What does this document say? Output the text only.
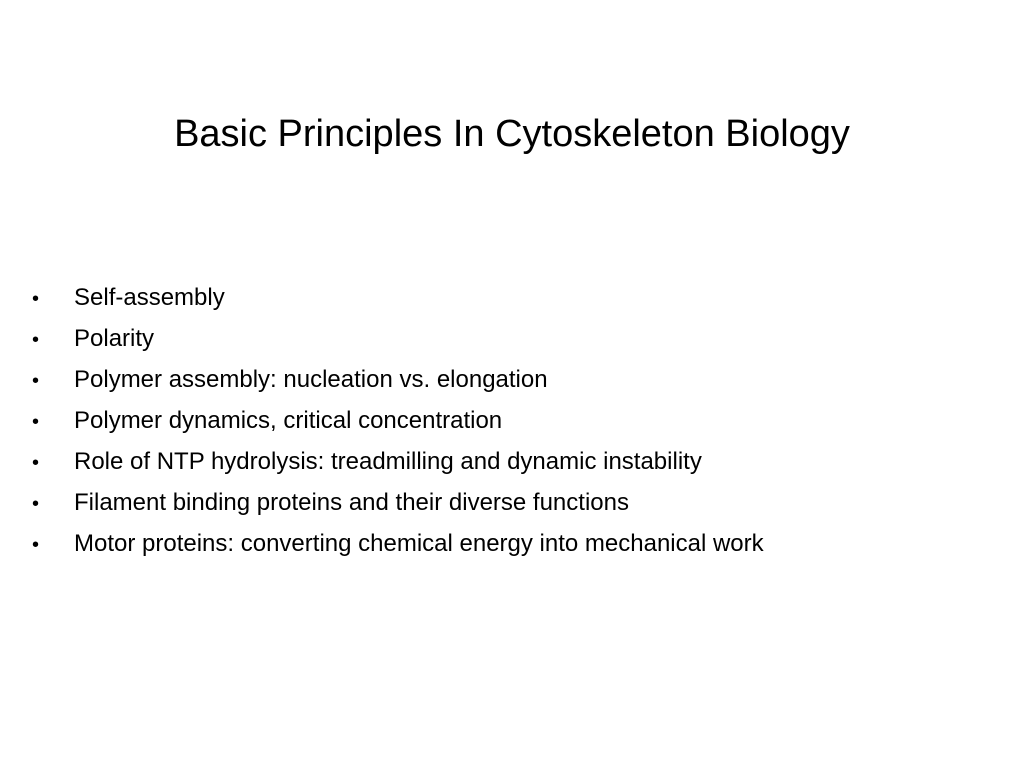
Basic Principles In Cytoskeleton Biology
•	Self-assembly
•	Polarity
•	Polymer assembly: nucleation vs. elongation
•	Polymer dynamics, critical concentration
•	Role of NTP hydrolysis: treadmilling and dynamic instability
•	Filament binding proteins and their diverse functions
•	Motor proteins: converting chemical energy into mechanical work
